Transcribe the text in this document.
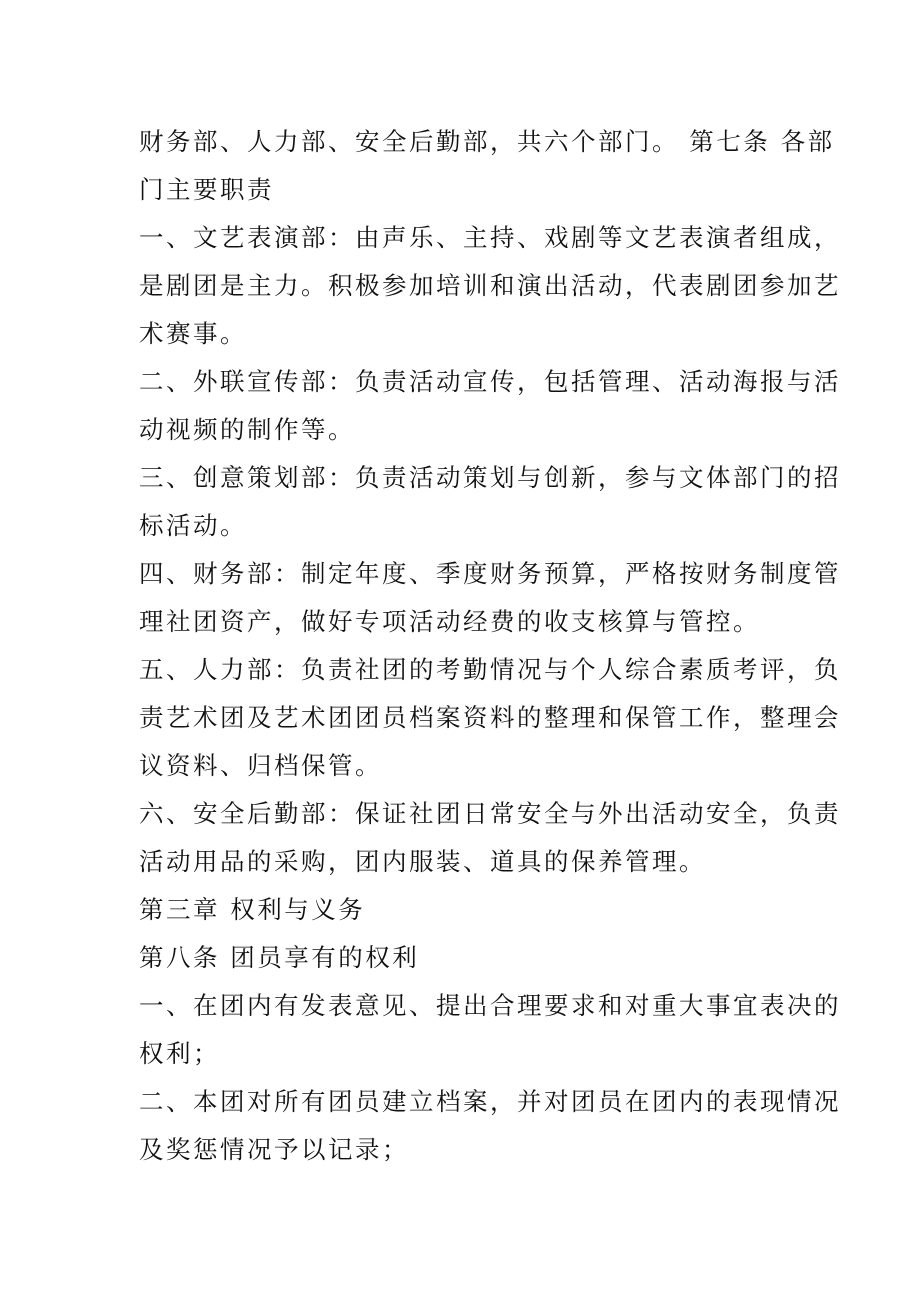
财务部、人力部、安全后勤部，共六个部门。 第七条 各部
门主要职责
一、文艺表演部：由声乐、主持、戏剧等文艺表演者组成，
是剧团是主力。积极参加培训和演出活动，代表剧团参加艺
术赛事。
二、外联宣传部：负责活动宣传，包括管理、活动海报与活
动视频的制作等。
三、创意策划部：负责活动策划与创新，参与文体部门的招
标活动。
四、财务部：制定年度、季度财务预算，严格按财务制度管
理社团资产，做好专项活动经费的收支核算与管控。
五、人力部：负责社团的考勤情况与个人综合素质考评，负
责艺术团及艺术团团员档案资料的整理和保管工作，整理会
议资料、归档保管。
六、安全后勤部：保证社团日常安全与外出活动安全，负责
活动用品的采购，团内服装、道具的保养管理。
第三章 权利与义务
第八条 团员享有的权利
一、在团内有发表意见、提出合理要求和对重大事宜表决的
权利；
二、本团对所有团员建立档案，并对团员在团内的表现情况
及奖惩情况予以记录；
